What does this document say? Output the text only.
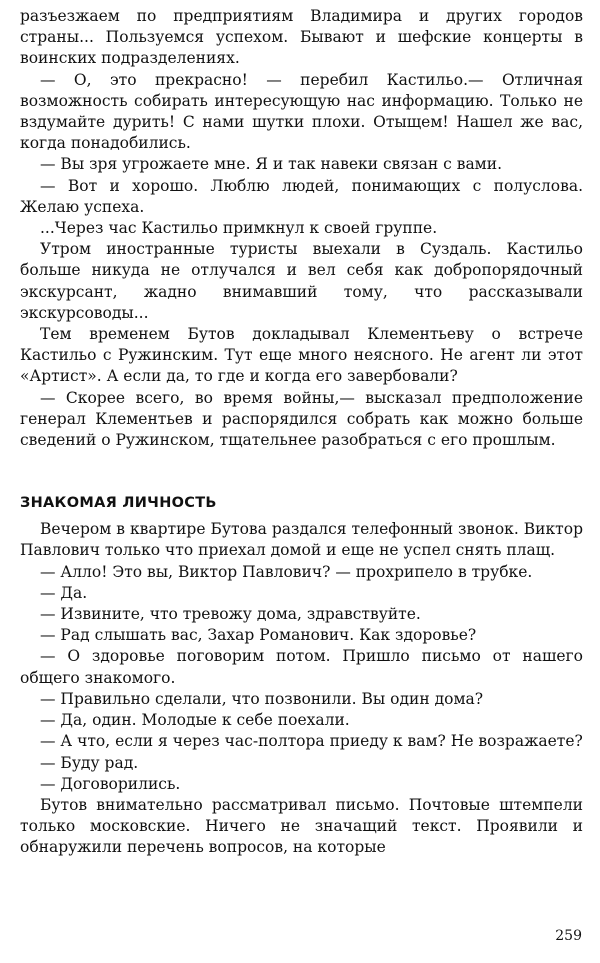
разъезжаем по предприятиям Владимира и других городов страны... Пользуемся успехом. Бывают и шефские концерты в воинских подразделениях.

— О, это прекрасно! — перебил Кастильо.— Отличная возможность собирать интересующую нас информацию. Только не вздумайте дурить! С нами шутки плохи. Отыщем! Нашел же вас, когда понадобились.

— Вы зря угрожаете мне. Я и так навеки связан с вами.

— Вот и хорошо. Люблю людей, понимающих с полуслова. Желаю успеха.

...Через час Кастильо примкнул к своей группе.

Утром иностранные туристы выехали в Суздаль. Кастильо больше никуда не отлучался и вел себя как добропорядочный экскурсант, жадно внимавший тому, что рассказывали экскурсоводы...

Тем временем Бутов докладывал Клементьеву о встрече Кастильо с Ружинским. Тут еще много неясного. Не агент ли этот «Артист». А если да, то где и когда его завербовали?

— Скорее всего, во время войны,— высказал предположение генерал Клементьев и распорядился собрать как можно больше сведений о Ружинском, тщательнее разобраться с его прошлым.

ЗНАКОМАЯ ЛИЧНОСТЬ

Вечером в квартире Бутова раздался телефонный звонок. Виктор Павлович только что приехал домой и еще не успел снять плащ.

— Алло! Это вы, Виктор Павлович? — прохрипело в трубке.

— Да.

— Извините, что тревожу дома, здравствуйте.

— Рад слышать вас, Захар Романович. Как здоровье?

— О здоровье поговорим потом. Пришло письмо от нашего общего знакомого.

— Правильно сделали, что позвонили. Вы один дома?

— Да, один. Молодые к себе поехали.

— А что, если я через час-полтора приеду к вам? Не возражаете?

— Буду рад.

— Договорились.

Бутов внимательно рассматривал письмо. Почтовые штемпели только московские. Ничего не значащий текст. Проявили и обнаружили перечень вопросов, на которые

259
